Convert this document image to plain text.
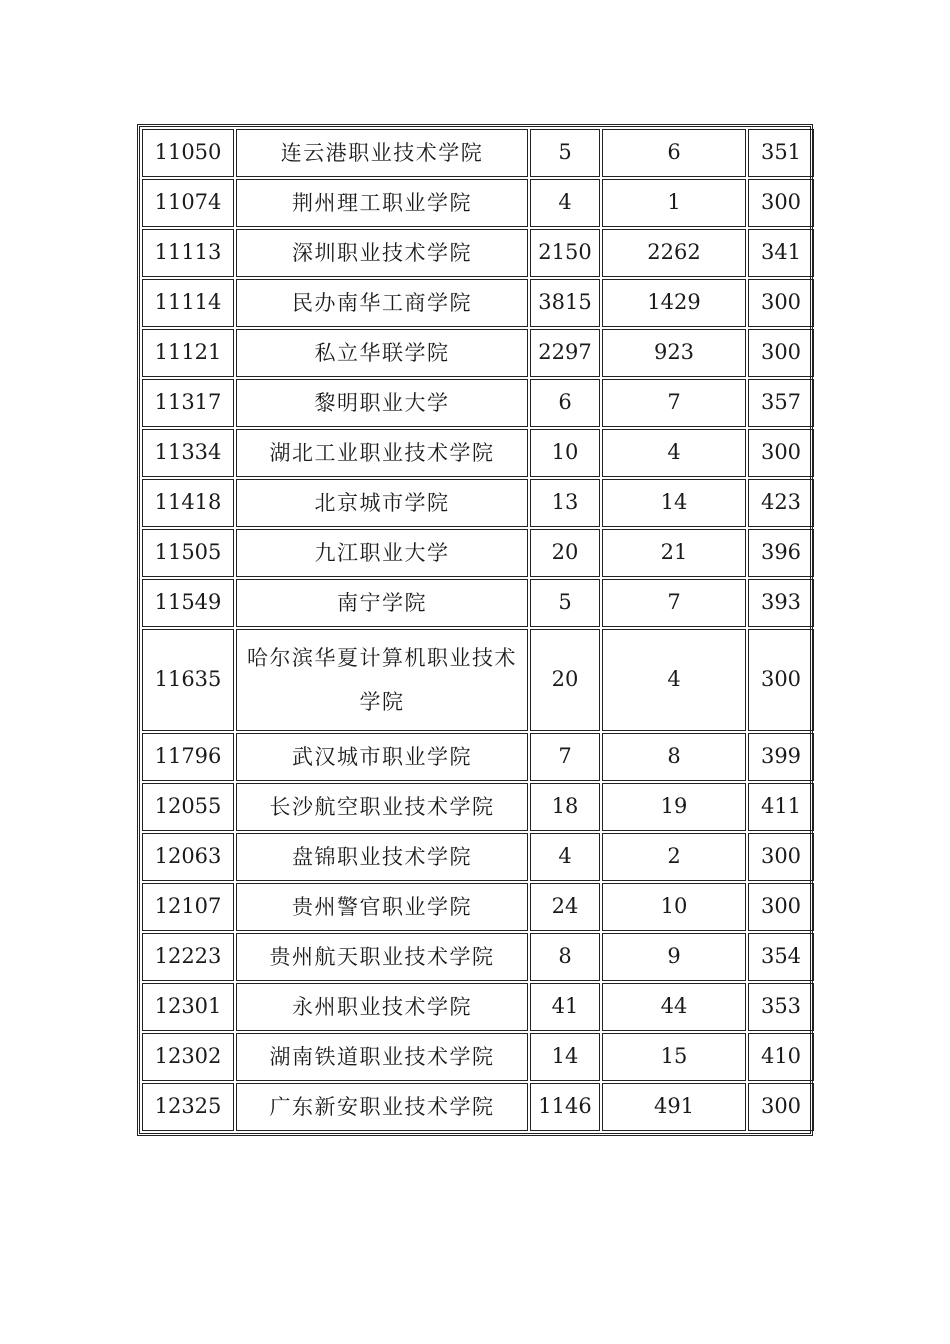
11050	连云港职业技术学院	5	6	351
11074	荆州理工职业学院	4	1	300
11113	深圳职业技术学院	2150	2262	341
11114	民办南华工商学院	3815	1429	300
11121	私立华联学院	2297	923	300
11317	黎明职业大学	6	7	357
11334	湖北工业职业技术学院	10	4	300
11418	北京城市学院	13	14	423
11505	九江职业大学	20	21	396
11549	南宁学院	5	7	393
11635	哈尔滨华夏计算机职业技术学院	20	4	300
11796	武汉城市职业学院	7	8	399
12055	长沙航空职业技术学院	18	19	411
12063	盘锦职业技术学院	4	2	300
12107	贵州警官职业学院	24	10	300
12223	贵州航天职业技术学院	8	9	354
12301	永州职业技术学院	41	44	353
12302	湖南铁道职业技术学院	14	15	410
12325	广东新安职业技术学院	1146	491	300
